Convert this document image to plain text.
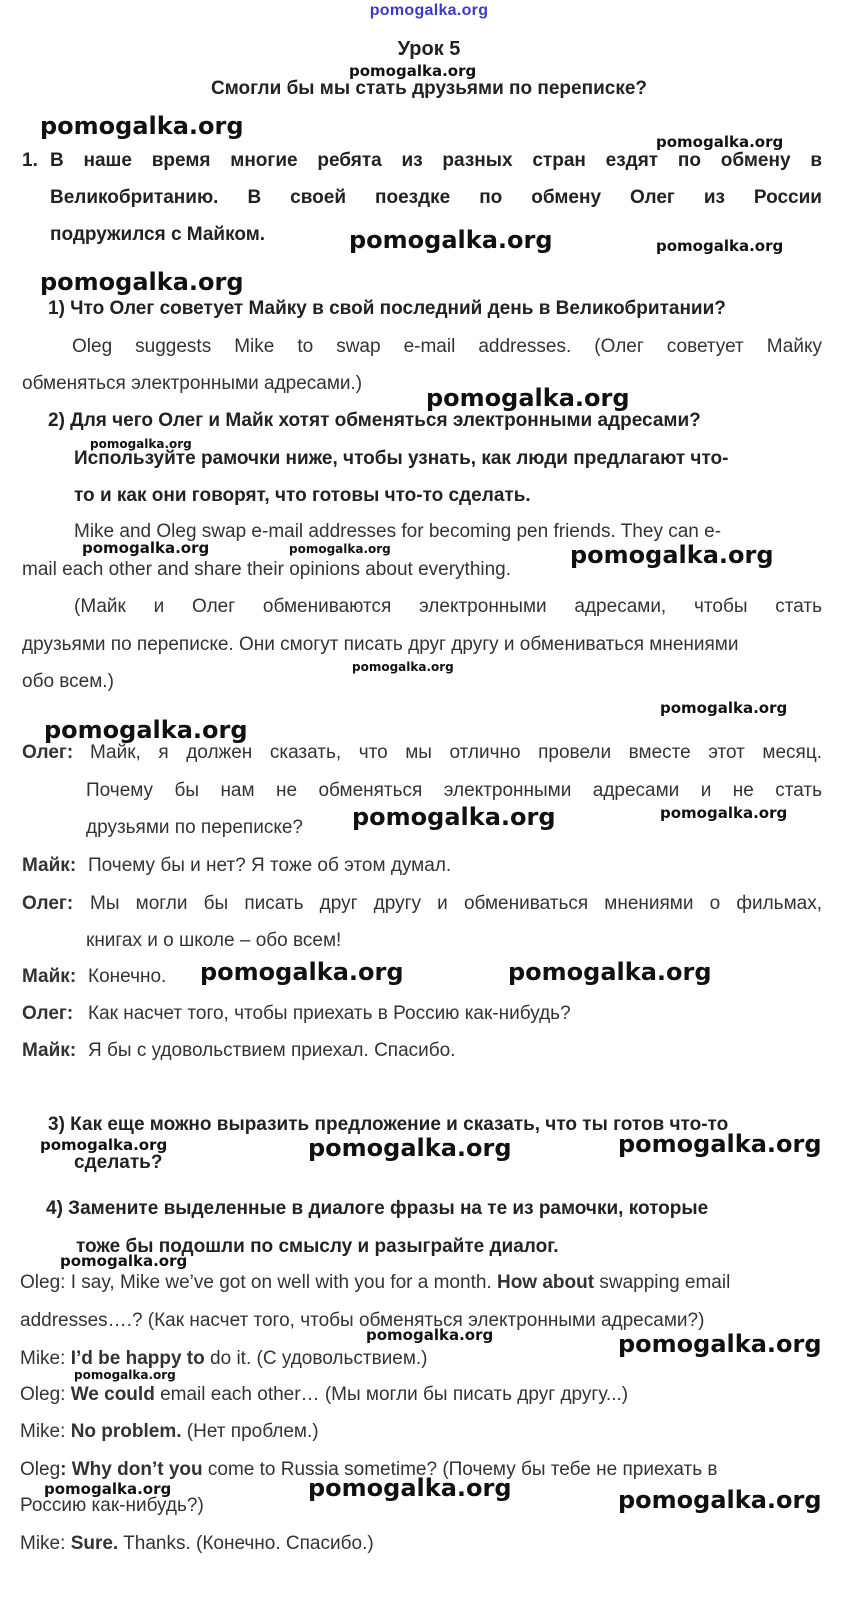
pomogalka.org
Урок 5
pomogalka.org
Смогли бы мы стать друзьями по переписке?
pomogalka.org
pomogalka.org
1. В наше время многие ребята из разных стран ездят по обмену в
Великобританию. В своей поездке по обмену Олег из России
подружился с Майком.	pomogalka.org	pomogalka.org
pomogalka.org
1) Что Олег советует Майку в свой последний день в Великобритании?
Oleg suggests Mike to swap e-mail addresses. (Олег советует Майку
обменяться электронными адресами.)
pomogalka.org
2) Для чего Олег и Майк хотят обменяться электронными адресами?
pomogalka.org
Используйте рамочки ниже, чтобы узнать, как люди предлагают что-
то и как они говорят, что готовы что-то сделать.
Mike and Oleg swap e-mail addresses for becoming pen friends. They can e-
pomogalka.org	pomogalka.org	pomogalka.org
mail each other and share their opinions about everything.
(Майк и Олег обмениваются электронными адресами, чтобы стать
друзьями по переписке. Они смогут писать друг другу и обмениваться мнениями
pomogalka.org
обо всем.)
pomogalka.org
pomogalka.org
Олег: Майк, я должен сказать, что мы отлично провели вместе этот месяц.
Почему бы нам не обменяться электронными адресами и не стать
друзьями по переписке? pomogalka.org	pomogalka.org
Майк: Почему бы и нет? Я тоже об этом думал.
Олег: Мы могли бы писать друг другу и обмениваться мнениями о фильмах,
книгах и о школе – обо всем!
Майк: Конечно. pomogalka.org	pomogalka.org
Олег: Как насчет того, чтобы приехать в Россию как-нибудь?
Майк: Я бы с удовольствием приехал. Спасибо.
3) Как еще можно выразить предложение и сказать, что ты готов что-то
pomogalka.org	pomogalka.org	pomogalka.org
сделать?
4) Замените выделенные в диалоге фразы на те из рамочки, которые
тоже бы подошли по смыслу и разыграйте диалог.
pomogalka.org
Oleg: I say, Mike we’ve got on well with you for a month. How about swapping email
addresses….? (Как насчет того, чтобы обменяться электронными адресами?)
pomogalka.org	pomogalka.org
Mike: I’d be happy to do it. (С удовольствием.)
pomogalka.org
Oleg: We could email each other… (Мы могли бы писать друг другу...)
Mike: No problem. (Нет проблем.)
Oleg: Why don’t you come to Russia sometime? (Почему бы тебе не приехать в
pomogalka.org	pomogalka.org	pomogalka.org
Россию как-нибудь?)
Mike: Sure. Thanks. (Конечно. Спасибо.)
